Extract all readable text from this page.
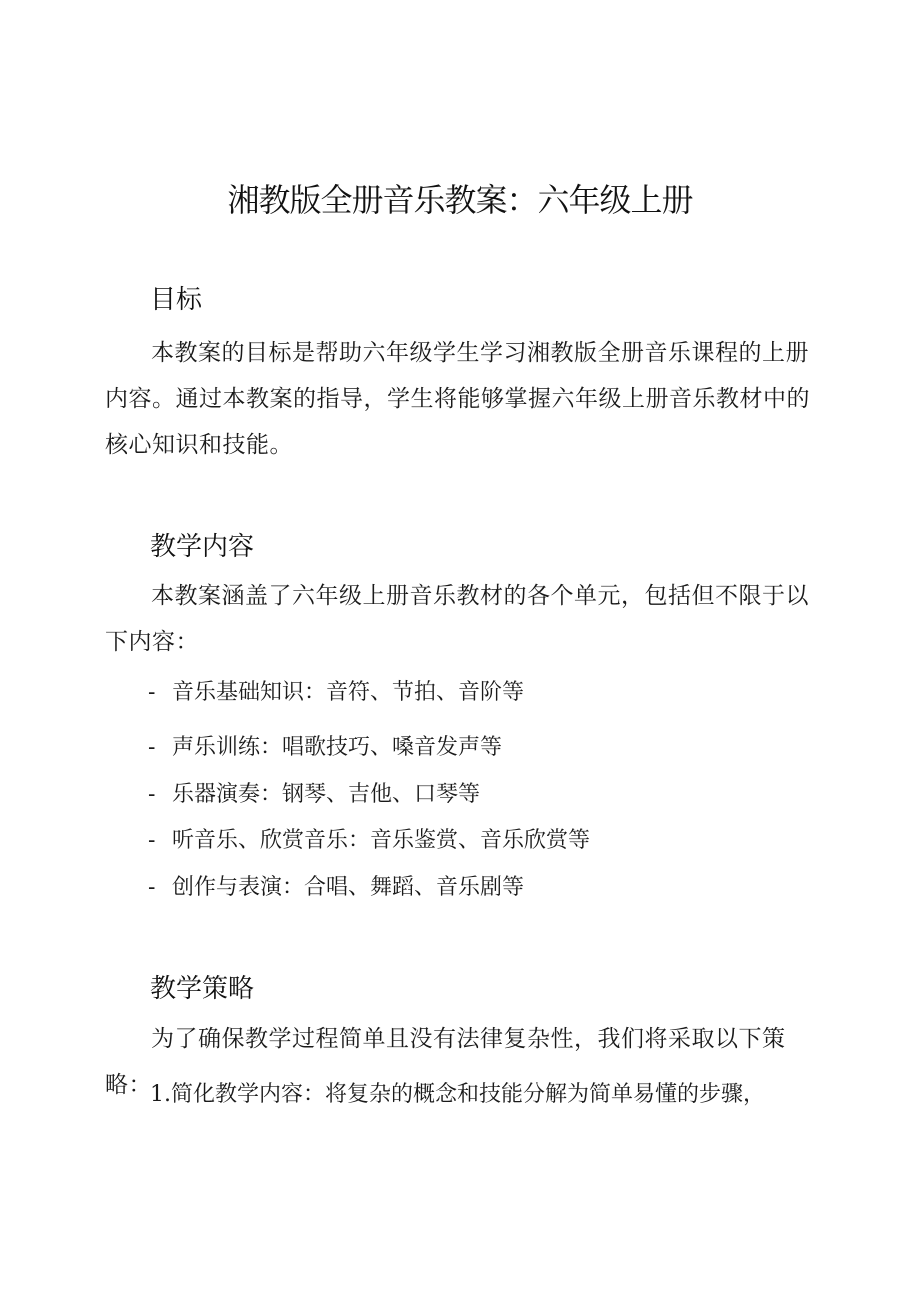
湘教版全册音乐教案：六年级上册
目标
本教案的目标是帮助六年级学生学习湘教版全册音乐课程的上册内容。通过本教案的指导，学生将能够掌握六年级上册音乐教材中的核心知识和技能。
教学内容
本教案涵盖了六年级上册音乐教材的各个单元，包括但不限于以下内容：
- 音乐基础知识：音符、节拍、音阶等
- 声乐训练：唱歌技巧、嗓音发声等
- 乐器演奏：钢琴、吉他、口琴等
- 听音乐、欣赏音乐：音乐鉴赏、音乐欣赏等
- 创作与表演：合唱、舞蹈、音乐剧等
教学策略
为了确保教学过程简单且没有法律复杂性，我们将采取以下策略：
1.简化教学内容：将复杂的概念和技能分解为简单易懂的步骤，
